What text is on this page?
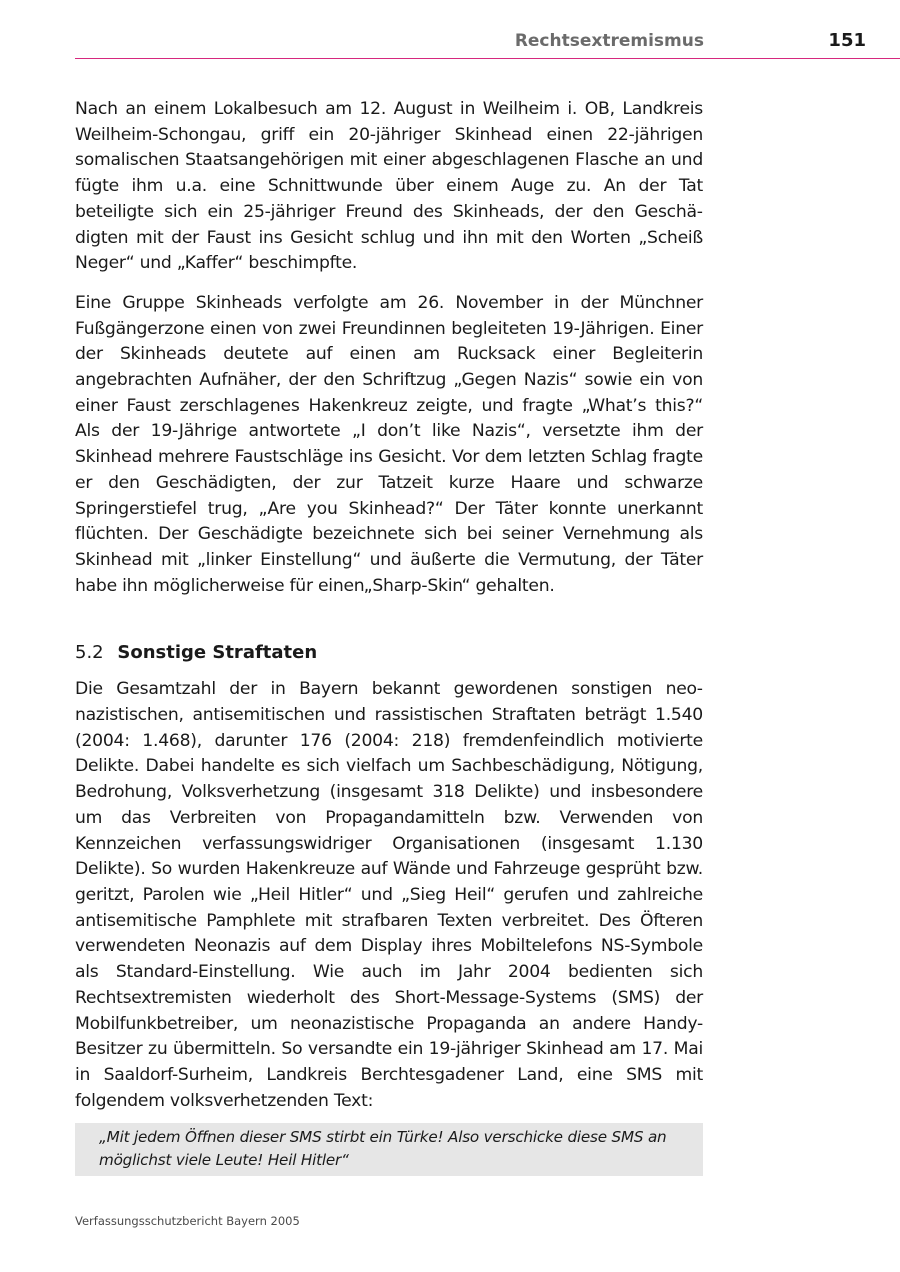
Rechtsextremismus	151

Nach an einem Lokalbesuch am 12. August in Weilheim i. OB, Landkreis Weilheim-Schongau, griff ein 20-jähriger Skinhead einen 22-jährigen somalischen Staatsangehörigen mit einer abgeschlagenen Flasche an und fügte ihm u.a. eine Schnittwunde über einem Auge zu. An der Tat beteiligte sich ein 25-jähriger Freund des Skinheads, der den Geschädigten mit der Faust ins Gesicht schlug und ihn mit den Worten „Scheiß Neger“ und „Kaffer“ beschimpfte.

Eine Gruppe Skinheads verfolgte am 26. November in der Münchner Fußgängerzone einen von zwei Freundinnen begleiteten 19-Jährigen. Einer der Skinheads deutete auf einen am Rucksack einer Begleiterin angebrachten Aufnäher, der den Schriftzug „Gegen Nazis“ sowie ein von einer Faust zerschlagenes Hakenkreuz zeigte, und fragte „What’s this?“ Als der 19-Jährige antwortete „I don’t like Nazis“, versetzte ihm der Skinhead mehrere Faustschläge ins Gesicht. Vor dem letzten Schlag fragte er den Geschädigten, der zur Tatzeit kurze Haare und schwarze Springerstiefel trug, „Are you Skinhead?“ Der Täter konnte unerkannt flüchten. Der Geschädigte bezeichnete sich bei seiner Vernehmung als Skinhead mit „linker Einstellung“ und äußerte die Vermutung, der Täter habe ihn möglicherweise für einen„Sharp-Skin“ gehalten.

5.2 Sonstige Straftaten

Die Gesamtzahl der in Bayern bekannt gewordenen sonstigen neonazistischen, antisemitischen und rassistischen Straftaten beträgt 1.540 (2004: 1.468), darunter 176 (2004: 218) fremdenfeindlich motivierte Delikte. Dabei handelte es sich vielfach um Sachbeschädigung, Nötigung, Bedrohung, Volksverhetzung (insgesamt 318 Delikte) und insbesondere um das Verbreiten von Propagandamitteln bzw. Verwenden von Kennzeichen verfassungswidriger Organisationen (insgesamt 1.130 Delikte). So wurden Hakenkreuze auf Wände und Fahrzeuge gesprüht bzw. geritzt, Parolen wie „Heil Hitler“ und „Sieg Heil“ gerufen und zahlreiche antisemitische Pamphlete mit strafbaren Texten verbreitet. Des Öfteren verwendeten Neonazis auf dem Display ihres Mobiltelefons NS-Symbole als Standard-Einstellung. Wie auch im Jahr 2004 bedienten sich Rechtsextremisten wiederholt des Short-Message-Systems (SMS) der Mobilfunkbetreiber, um neonazistische Propaganda an andere Handy-Besitzer zu übermitteln. So versandte ein 19-jähriger Skinhead am 17. Mai in Saaldorf-Surheim, Landkreis Berchtesgadener Land, eine SMS mit folgendem volksverhetzenden Text:

„Mit jedem Öffnen dieser SMS stirbt ein Türke! Also verschicke diese SMS an möglichst viele Leute! Heil Hitler“

Verfassungsschutzbericht Bayern 2005
